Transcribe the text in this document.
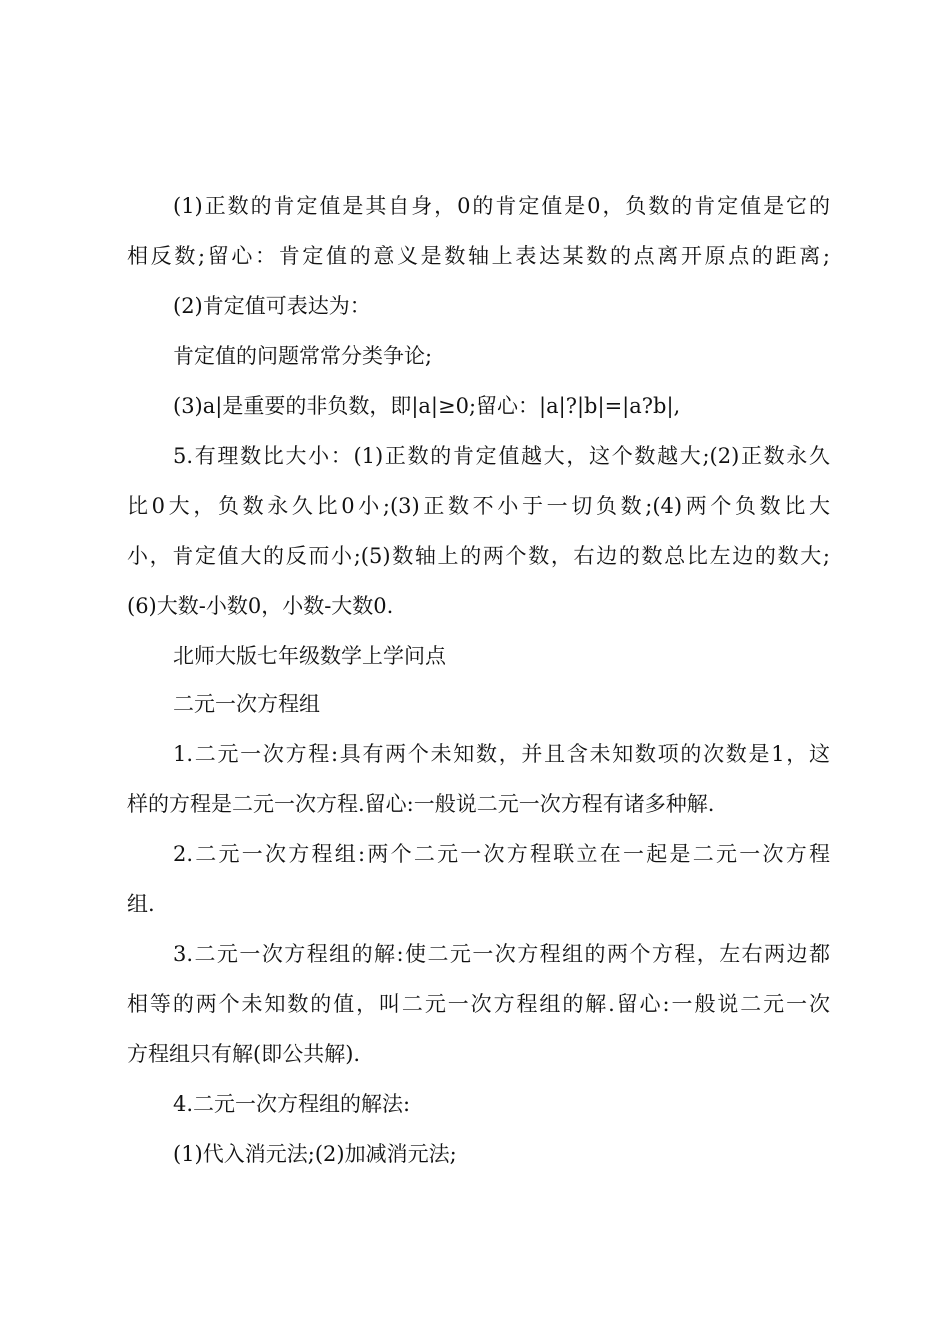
(1)正数的肯定值是其自身，0的肯定值是0，负数的肯定值是它的
相反数;留心：肯定值的意义是数轴上表达某数的点离开原点的距离;
(2)肯定值可表达为：
肯定值的问题常常分类争论;
(3)a|是重要的非负数，即|a|≥0;留心：|a|?|b|=|a?b|,
5.有理数比大小：(1)正数的肯定值越大，这个数越大;(2)正数永久
比0大，负数永久比0小;(3)正数不小于一切负数;(4)两个负数比大
小，肯定值大的反而小;(5)数轴上的两个数，右边的数总比左边的数大;
(6)大数-小数0，小数-大数0.
北师大版七年级数学上学问点
二元一次方程组
1.二元一次方程:具有两个未知数，并且含未知数项的次数是1，这
样的方程是二元一次方程.留心:一般说二元一次方程有诸多种解.
2.二元一次方程组:两个二元一次方程联立在一起是二元一次方程
组.
3.二元一次方程组的解:使二元一次方程组的两个方程，左右两边都
相等的两个未知数的值，叫二元一次方程组的解.留心:一般说二元一次
方程组只有解(即公共解).
4.二元一次方程组的解法:
(1)代入消元法;(2)加减消元法;
